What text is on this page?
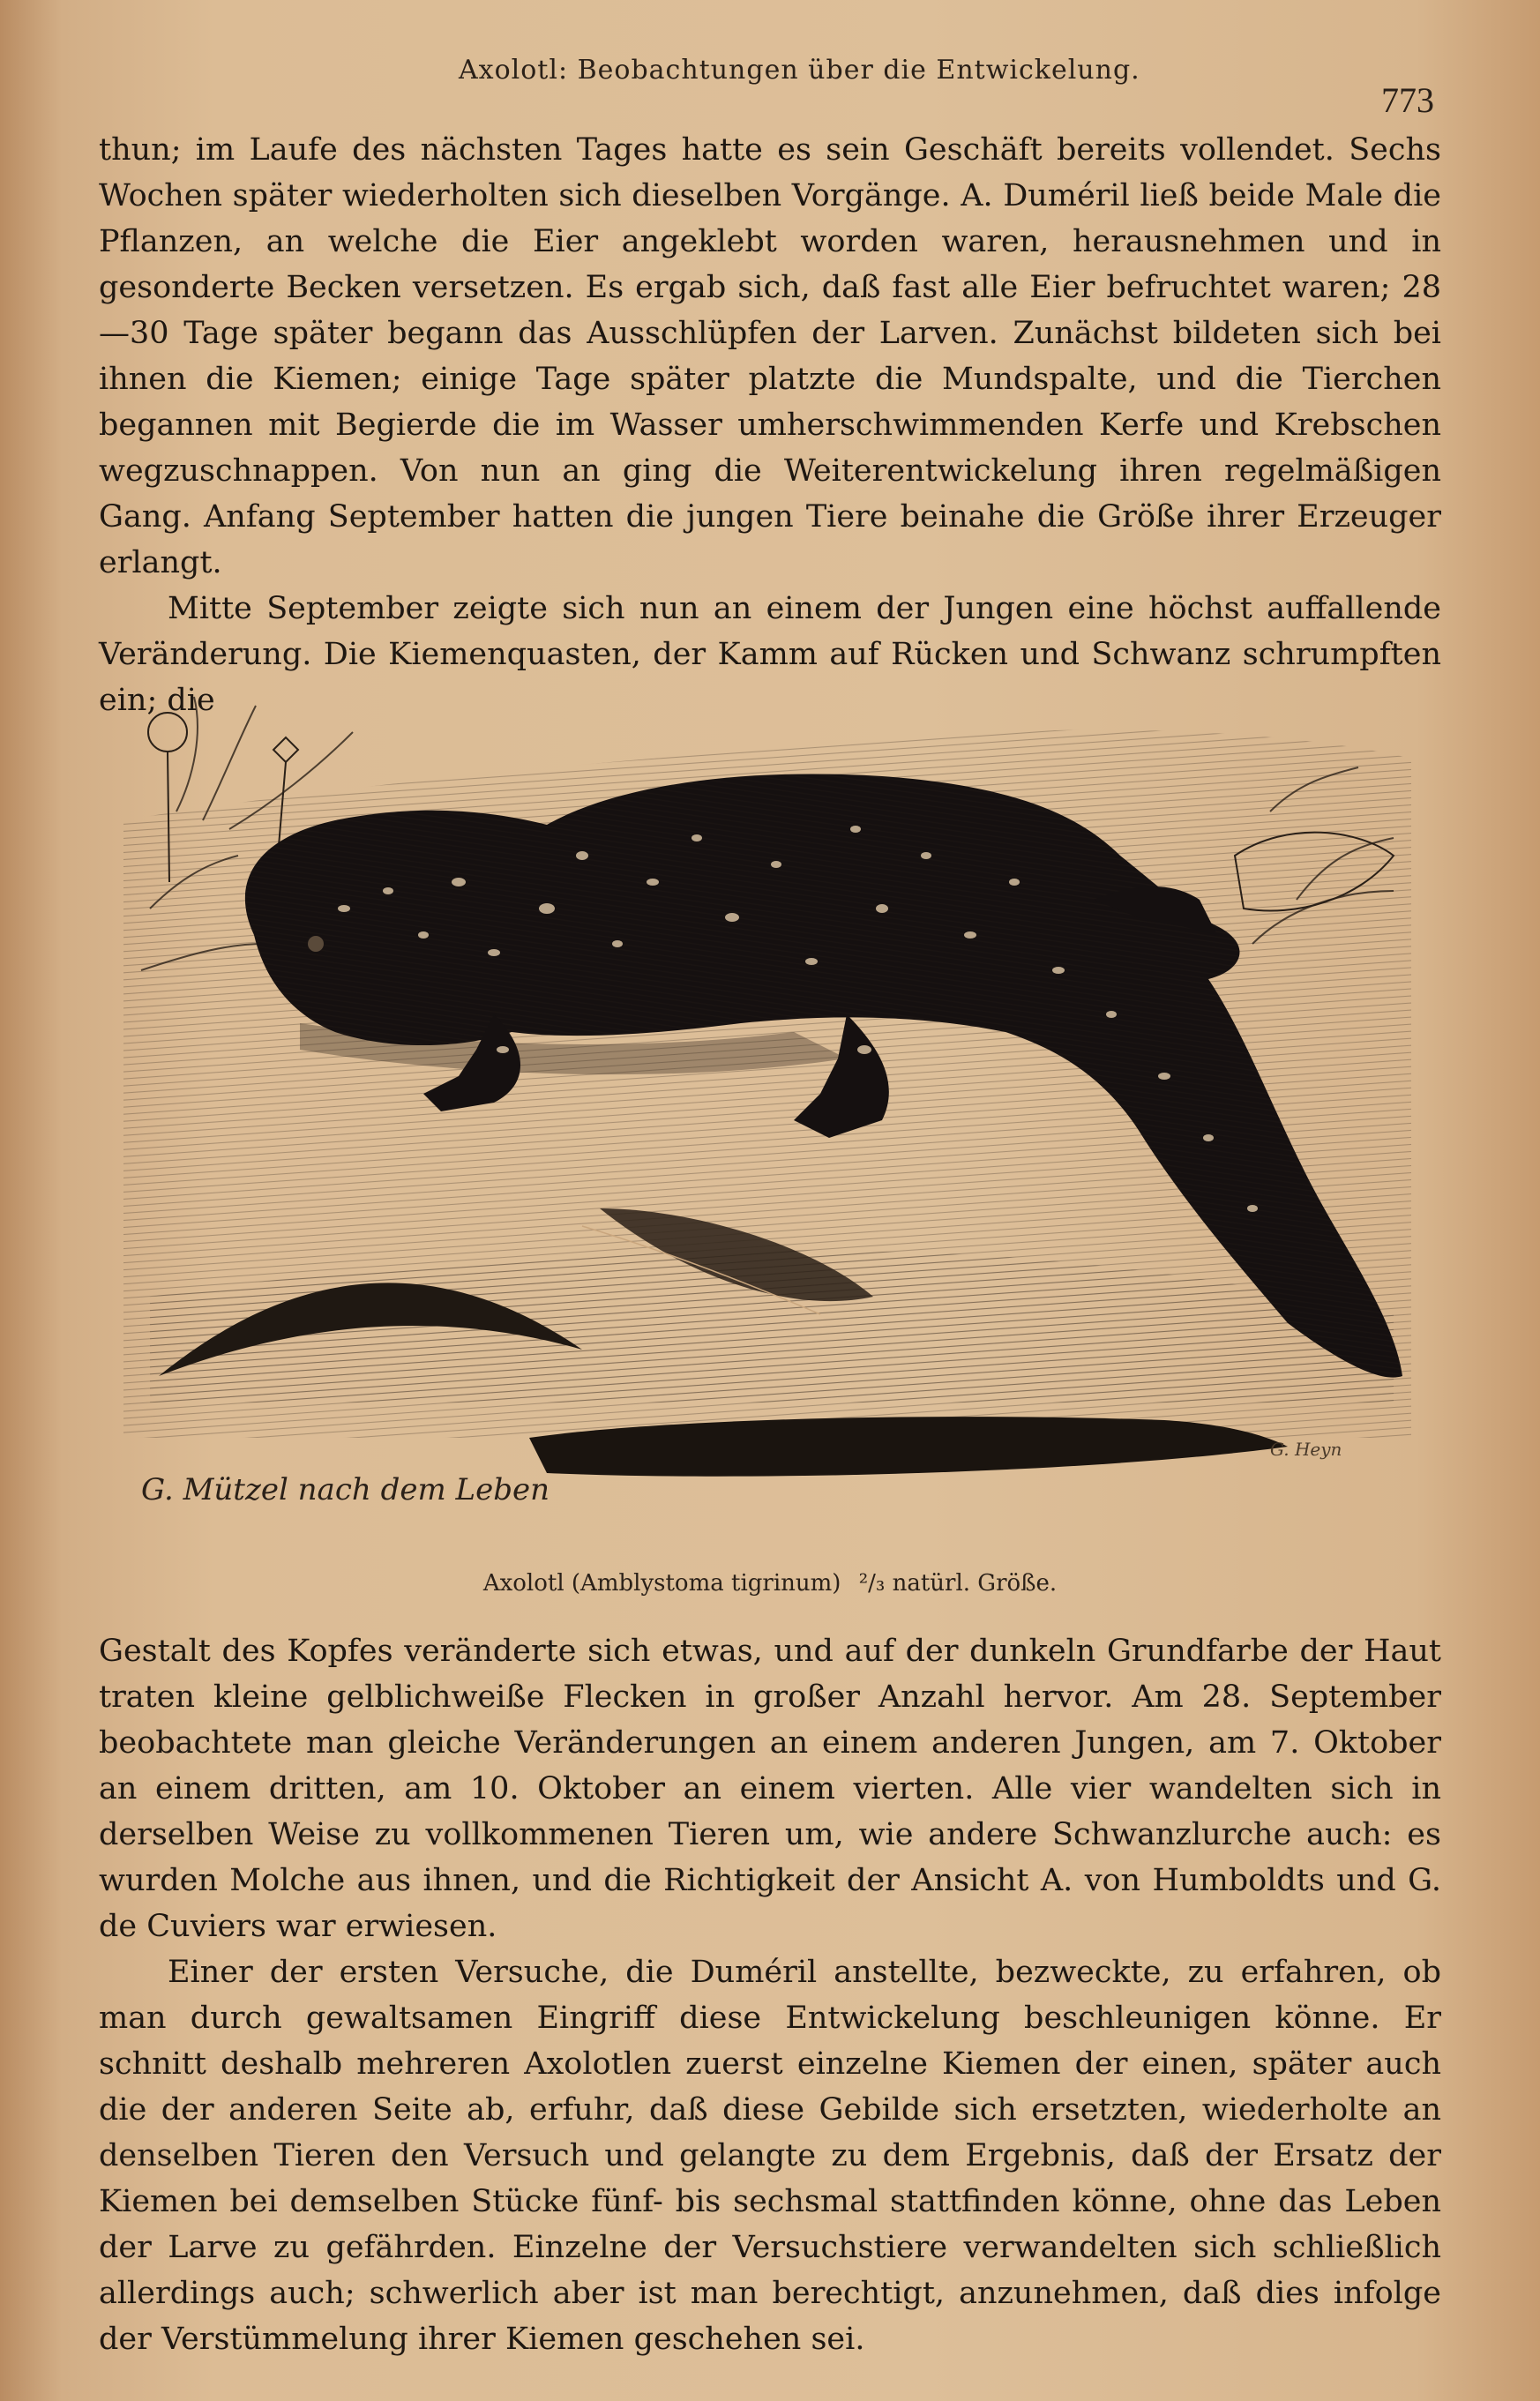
Axolotl: Beobachtungen über die Entwickelung.
773

thun; im Laufe des nächsten Tages hatte es sein Geschäft bereits vollendet. Sechs Wochen später wiederholten sich dieselben Vorgänge. A. Duméril ließ beide Male die Pflanzen, an welche die Eier angeklebt worden waren, herausnehmen und in gesonderte Becken versetzen. Es ergab sich, daß fast alle Eier befruchtet waren; 28—30 Tage später begann das Ausschlüpfen der Larven. Zunächst bildeten sich bei ihnen die Kiemen; einige Tage später platzte die Mundspalte, und die Tierchen begannen mit Begierde die im Wasser umherschwimmenden Kerfe und Krebschen wegzuschnappen. Von nun an ging die Weiterentwickelung ihren regelmäßigen Gang. Anfang September hatten die jungen Tiere beinahe die Größe ihrer Erzeuger erlangt.

Mitte September zeigte sich nun an einem der Jungen eine höchst auffallende Veränderung. Die Kiemenquasten, der Kamm auf Rücken und Schwanz schrumpften ein; die

G. Mützel nach dem Leben
G. Heyn
Axolotl (Amblystoma tigrinum) ²/₃ natürl. Größe.

Gestalt des Kopfes veränderte sich etwas, und auf der dunkeln Grundfarbe der Haut traten kleine gelblichweiße Flecken in großer Anzahl hervor. Am 28. September beobachtete man gleiche Veränderungen an einem anderen Jungen, am 7. Oktober an einem dritten, am 10. Oktober an einem vierten. Alle vier wandelten sich in derselben Weise zu vollkommenen Tieren um, wie andere Schwanzlurche auch: es wurden Molche aus ihnen, und die Richtigkeit der Ansicht A. von Humboldts und G. de Cuviers war erwiesen.

Einer der ersten Versuche, die Duméril anstellte, bezweckte, zu erfahren, ob man durch gewaltsamen Eingriff diese Entwickelung beschleunigen könne. Er schnitt deshalb mehreren Axolotlen zuerst einzelne Kiemen der einen, später auch die der anderen Seite ab, erfuhr, daß diese Gebilde sich ersetzten, wiederholte an denselben Tieren den Versuch und gelangte zu dem Ergebnis, daß der Ersatz der Kiemen bei demselben Stücke fünf- bis sechsmal stattfinden könne, ohne das Leben der Larve zu gefährden. Einzelne der Versuchstiere verwandelten sich schließlich allerdings auch; schwerlich aber ist man berechtigt, anzunehmen, daß dies infolge der Verstümmelung ihrer Kiemen geschehen sei.
